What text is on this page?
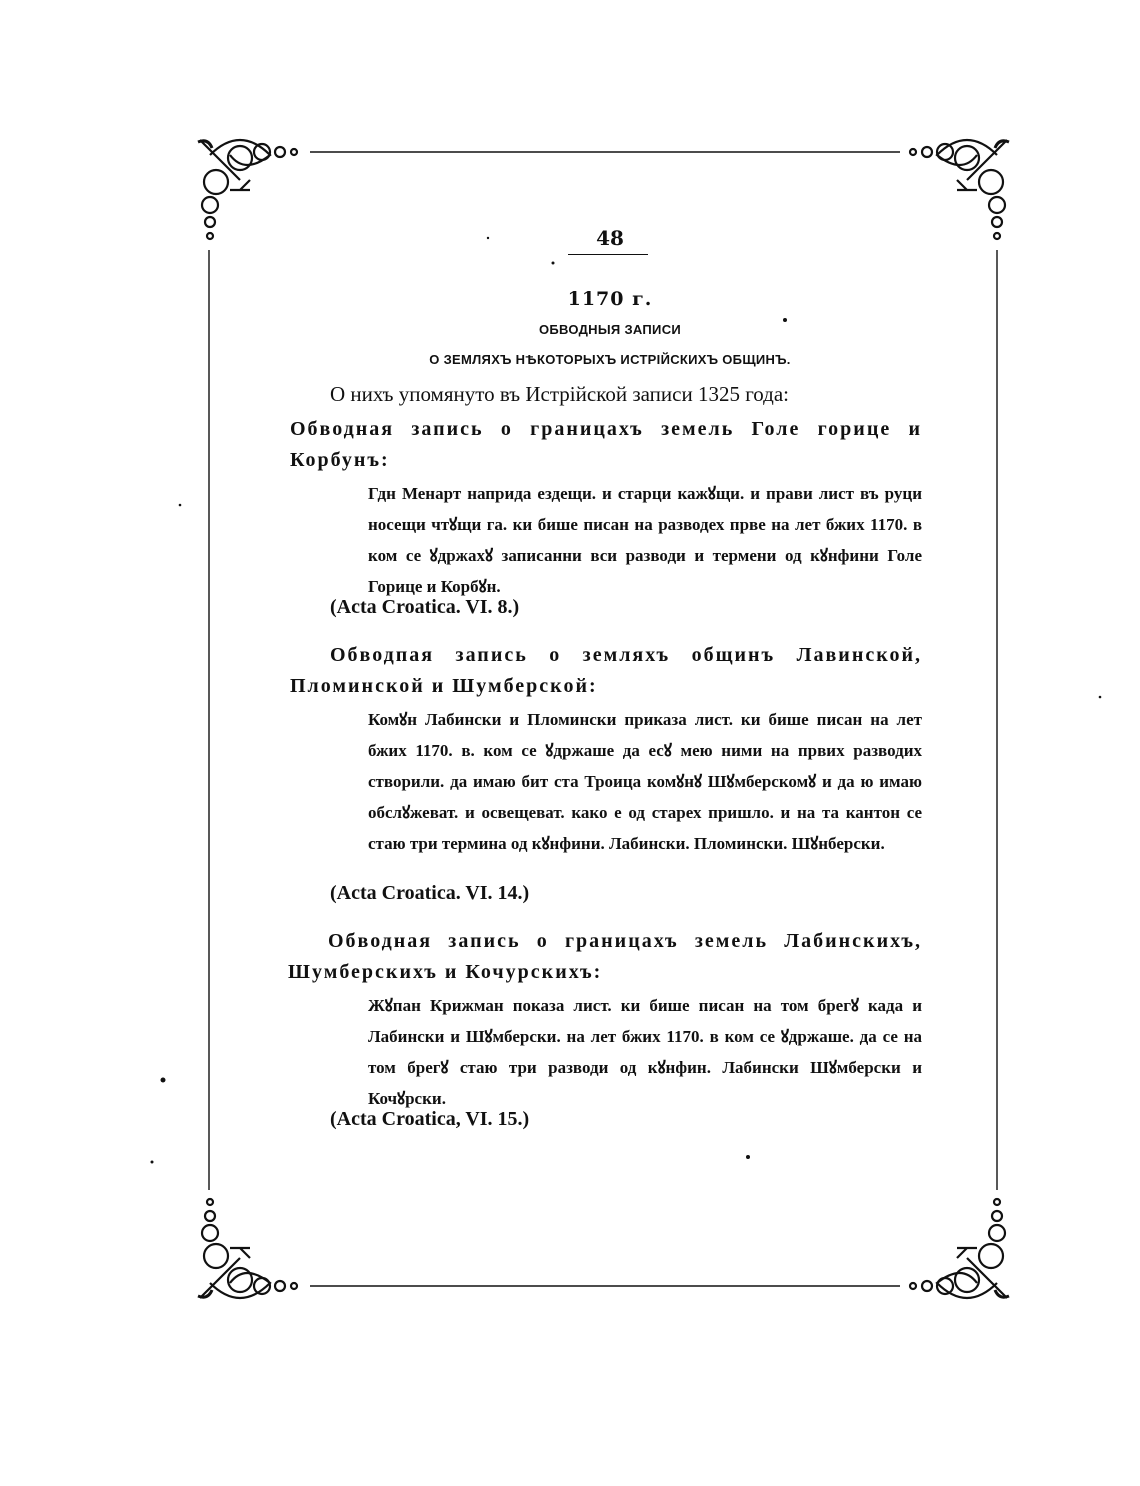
48
1170 г.
ОБВОДНЫЯ ЗАПИСИ
О ЗЕМЛЯХЪ НѢКОТОРЫХЪ ИСТРІЙСКИХЪ ОБЩИНЪ.
О нихъ упомянуто въ Истрійской записи 1325 года:
Обводная запись о границахъ земель Голе горице и Корбунъ:
Гдн Менарт наприда ездещи. и старци кажꙋщи. и прави лист въ руци носещи чтꙋщи га. ки бише писан на разводех прве на лет бжих 1170. в ком се ꙋдржахꙋ записанни вси разводи и термени од кꙋнфини Голе Горице и Корбꙋн.
(Acta Croatica. VI. 8.)
Обводпая запись о земляхъ общинъ Лавинской, Пломинской и Шумберской:
Комꙋн Лабински и Пломински приказа лист. ки бише писан на лет бжих 1170. в. ком се ꙋдржаше да есꙋ мею ними на првих разводих створили. да имаю бит ста Троица комꙋнꙋ Шꙋмберскомꙋ и да ю имаю обслꙋжеват. и освещеват. како е од старех пришло. и на та кантон се стаю три термина од кꙋнфини. Лабински. Пломински. Шꙋнберски.
(Acta Croatica. VI. 14.)
Обводная запись о границахъ земель Лабинскихъ, Шумберскихъ и Кочурскихъ:
Жꙋпан Крижман показа лист. ки бише писан на том брегꙋ када и Лабински и Шꙋмберски. на лет бжих 1170. в ком се ꙋдржаше. да се на том брегꙋ стаю три разводи од кꙋнфин. Лабински Шꙋмберски и Кочꙋрски.
(Acta Croatica, VI. 15.)
